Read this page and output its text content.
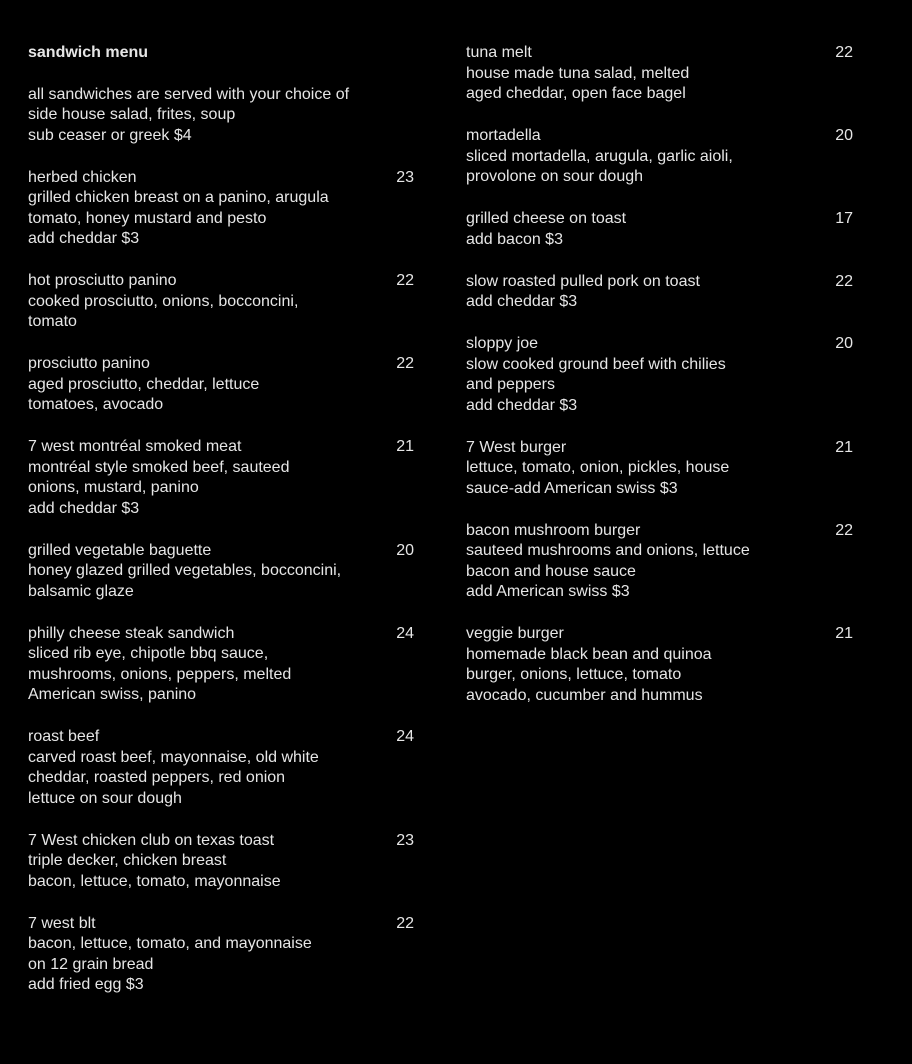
sandwich menu
all sandwiches are served with your choice of
side house salad, frites, soup
sub ceaser or greek $4
herbed chicken	23
grilled chicken breast on a panino, arugula
tomato, honey mustard and pesto
add cheddar $3
hot prosciutto panino	22
cooked prosciutto, onions, bocconcini,
tomato
prosciutto panino	22
aged prosciutto, cheddar, lettuce
tomatoes, avocado
7 west montréal smoked meat	21
montréal style smoked beef, sauteed
onions, mustard, panino
add cheddar $3
grilled vegetable baguette	20
honey glazed grilled vegetables, bocconcini,
balsamic glaze
philly cheese steak sandwich	24
sliced rib eye, chipotle bbq sauce,
mushrooms, onions, peppers, melted
American swiss, panino
roast beef	24
carved roast beef, mayonnaise, old white
cheddar, roasted peppers, red onion
lettuce on sour dough
7 West chicken club on texas toast	23
triple decker, chicken breast
bacon, lettuce, tomato, mayonnaise
7 west blt	22
bacon, lettuce, tomato, and mayonnaise
on 12 grain bread
add fried egg $3
tuna melt	22
house made tuna salad, melted
aged cheddar, open face bagel
mortadella	20
sliced mortadella, arugula, garlic aioli,
provolone on sour dough
grilled cheese on toast	17
add bacon $3
slow roasted pulled pork on toast	22
add cheddar $3
sloppy joe	20
slow cooked ground beef with chilies
and peppers
add cheddar $3
7 West burger	21
lettuce, tomato, onion, pickles, house
sauce-add American swiss $3
bacon mushroom burger	22
sauteed mushrooms and onions, lettuce
bacon and house sauce
add American swiss $3
veggie burger	21
homemade black bean and quinoa
burger, onions, lettuce, tomato
avocado, cucumber and hummus
